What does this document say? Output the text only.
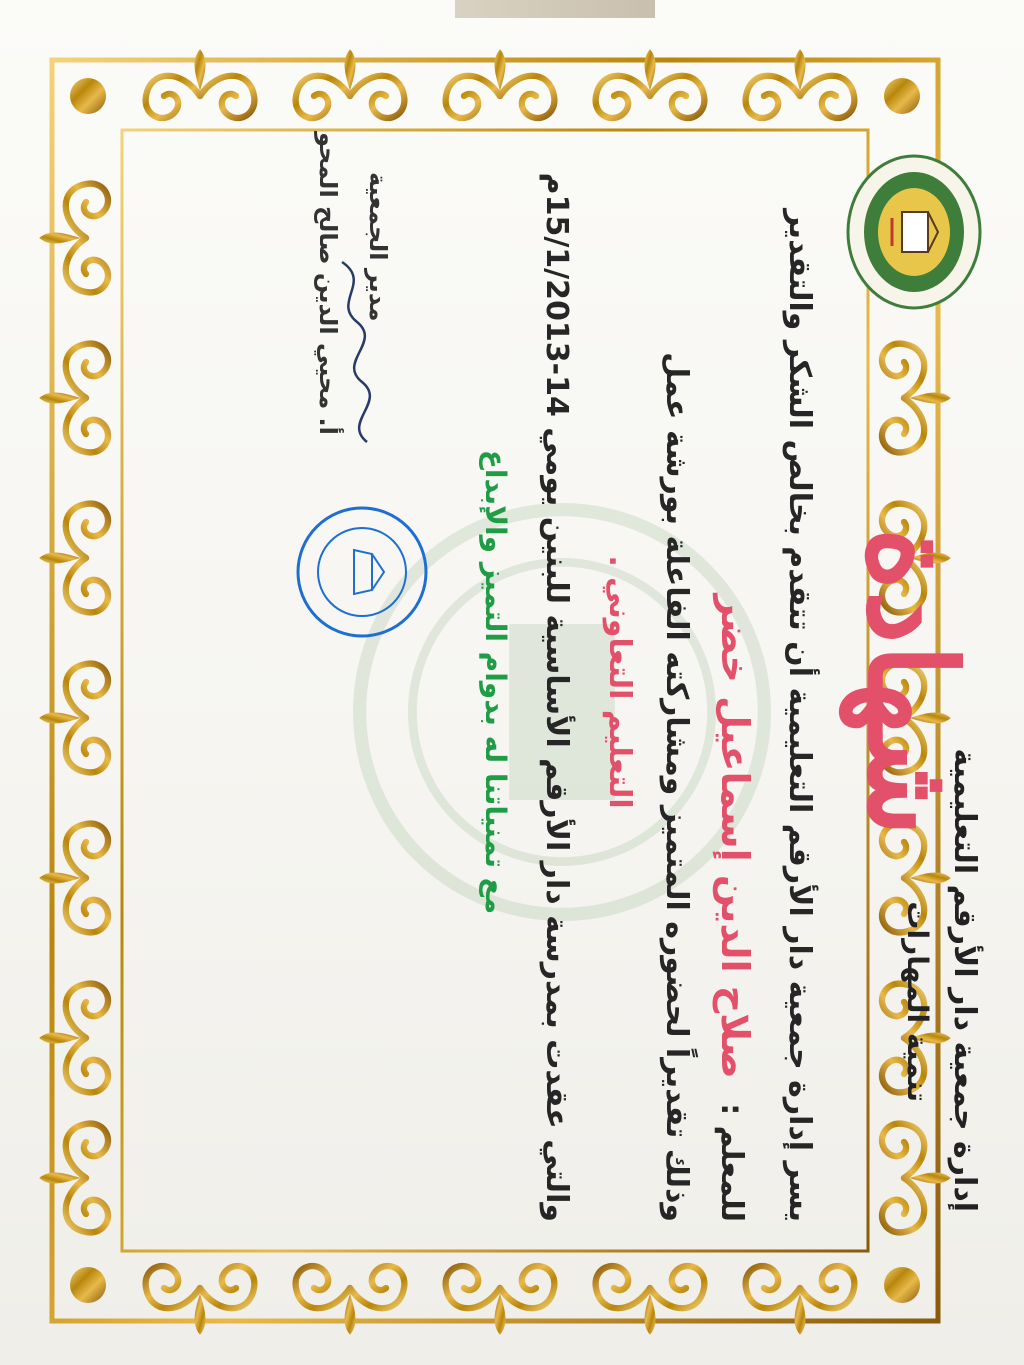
إدارة جمعية دار الأرقم التعليمية
تنمية المهارات
شهادة
يسر إدارة جمعية دار الأرقم التعليمية أن تتقدم بخالص الشكر والتقدير
للمعلم : صلاح الدين إسماعيل خضر
وذلك تقديراً لحضوره المتميز ومشاركته الفاعلة بورشة عمل
التعليم التعاوني .
والتي عقدت بمدرسة دار الأرقم الأساسية للبنين يومي 14-15/1/2013م
مع تمنياتنا له بدوام التميز والإبداع
مدير الجمعية
أ. محيي الدين صالح المحو
